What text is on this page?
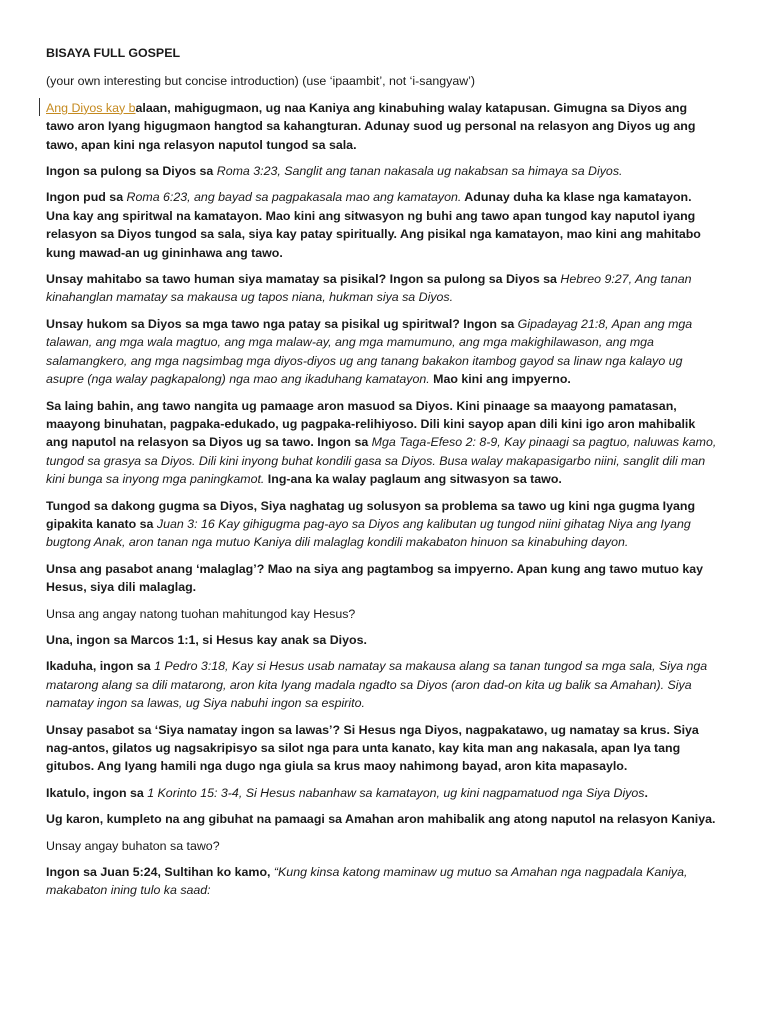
BISAYA FULL GOSPEL

(your own interesting but concise introduction) (use ‘ipaambit’, not ‘i-sangyaw’)

Ang Diyos kay balaan, mahigugmaon, ug naa Kaniya ang kinabuhing walay katapusan. Gimugna sa Diyos ang tawo aron Iyang higugmaon hangtod sa kahangturan. Adunay suod ug personal na relasyon ang Diyos ug ang tawo, apan kini nga relasyon naputol tungod sa sala.

Ingon sa pulong sa Diyos sa Roma 3:23, Sanglit ang tanan nakasala ug nakabsan sa himaya sa Diyos.

Ingon pud sa Roma 6:23, ang bayad sa pagpakasala mao ang kamatayon. Adunay duha ka klase nga kamatayon. Una kay ang spiritwal na kamatayon. Mao kini ang sitwasyon ng buhi ang tawo apan tungod kay naputol iyang relasyon sa Diyos tungod sa sala, siya kay patay spiritually. Ang pisikal nga kamatayon, mao kini ang mahitabo kung mawad-an ug gininhawa ang tawo.

Unsay mahitabo sa tawo human siya mamatay sa pisikal? Ingon sa pulong sa Diyos sa Hebreo 9:27, Ang tanan kinahanglan mamatay sa makausa ug tapos niana, hukman siya sa Diyos.

Unsay hukom sa Diyos sa mga tawo nga patay sa pisikal ug spiritwal? Ingon sa Gipadayag 21:8, Apan ang mga talawan, ang mga wala magtuo, ang mga malaw-ay, ang mga mamumuno, ang mga makighilawason, ang mga salamangkero, ang mga nagsimbag mga diyos-diyos ug ang tanang bakakon itambog gayod sa linaw nga kalayo ug asupre (nga walay pagkapalong) nga mao ang ikaduhang kamatayon. Mao kini ang impyerno.

Sa laing bahin, ang tawo nangita ug pamaage aron masuod sa Diyos. Kini pinaage sa maayong pamatasan, maayong binuhatan, pagpaka-edukado, ug pagpaka-relihiyoso. Dili kini sayop apan dili kini igo aron mahibalik ang naputol na relasyon sa Diyos ug sa tawo. Ingon sa Mga Taga-Efeso 2: 8-9, Kay pinaagi sa pagtuo, naluwas kamo, tungod sa grasya sa Diyos. Dili kini inyong buhat kondili gasa sa Diyos. Busa walay makapasigarbo niini, sanglit dili man kini bunga sa inyong mga paningkamot. Ing-ana ka walay paglaum ang sitwasyon sa tawo.

Tungod sa dakong gugma sa Diyos, Siya naghatag ug solusyon sa problema sa tawo ug kini nga gugma Iyang gipakita kanato sa Juan 3: 16 Kay gihigugma pag-ayo sa Diyos ang kalibutan ug tungod niini gihatag Niya ang Iyang bugtong Anak, aron tanan nga mutuo Kaniya dili malaglag kondili makabaton hinuon sa kinabuhing dayon.

Unsa ang pasabot anang ‘malaglag’? Mao na siya ang pagtambog sa impyerno. Apan kung ang tawo mutuo kay Hesus, siya dili malaglag.

Unsa ang angay natong tuohan mahitungod kay Hesus?

Una, ingon sa Marcos 1:1, si Hesus kay anak sa Diyos.

Ikaduha, ingon sa 1 Pedro 3:18, Kay si Hesus usab namatay sa makausa alang sa tanan tungod sa mga sala, Siya nga matarong alang sa dili matarong, aron kita Iyang madala ngadto sa Diyos (aron dad-on kita ug balik sa Amahan). Siya namatay ingon sa lawas, ug Siya nabuhi ingon sa espirito.

Unsay pasabot sa ‘Siya namatay ingon sa lawas’? Si Hesus nga Diyos, nagpakatawo, ug namatay sa krus. Siya nag-antos, gilatos ug nagsakripisyo sa silot nga para unta kanato, kay kita man ang nakasala, apan Iya tang gitubos. Ang Iyang hamili nga dugo nga giula sa krus maoy nahimong bayad, aron kita mapasaylo.

Ikatulo, ingon sa 1 Korinto 15: 3-4, Si Hesus nabanhaw sa kamatayon, ug kini nagpamatuod nga Siya Diyos.

Ug karon, kumpleto na ang gibuhat na pamaagi sa Amahan aron mahibalik ang atong naputol na relasyon Kaniya.

Unsay angay buhaton sa tawo?

Ingon sa Juan 5:24, Sultihan ko kamo, “Kung kinsa katong maminaw ug mutuo sa Amahan nga nagpadala Kaniya, makabaton ining tulo ka saad:
